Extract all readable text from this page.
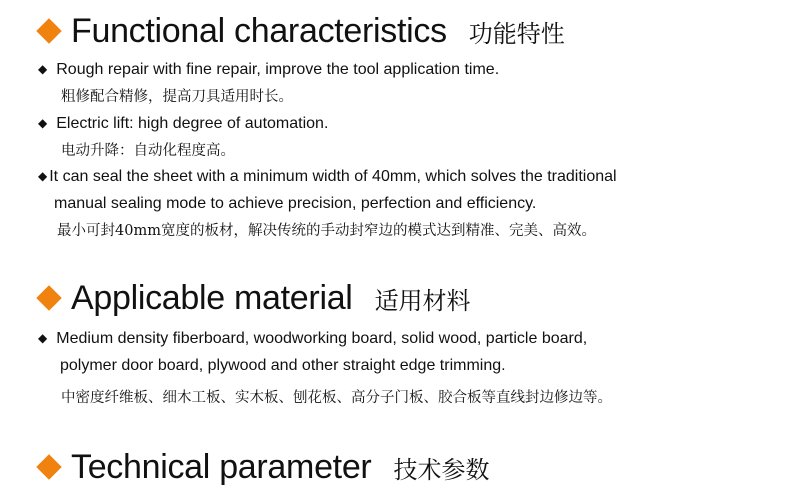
Functional characteristics 功能特性
◆ Rough repair with fine repair, improve the tool application time.
粗修配合精修，提高刀具适用时长。
◆ Electric lift: high degree of automation.
电动升降：自动化程度高。
◆ It can seal the sheet with a minimum width of 40mm, which solves the traditional
manual sealing mode to achieve precision, perfection and efficiency.
最小可封40mm宽度的板材，解决传统的手动封窄边的模式达到精准、完美、高效。
Applicable material 适用材料
◆ Medium density fiberboard, woodworking board, solid wood, particle board,
polymer door board, plywood and other straight edge trimming.
中密度纤维板、细木工板、实木板、刨花板、高分子门板、胶合板等直线封边修边等。
Technical parameter 技术参数
